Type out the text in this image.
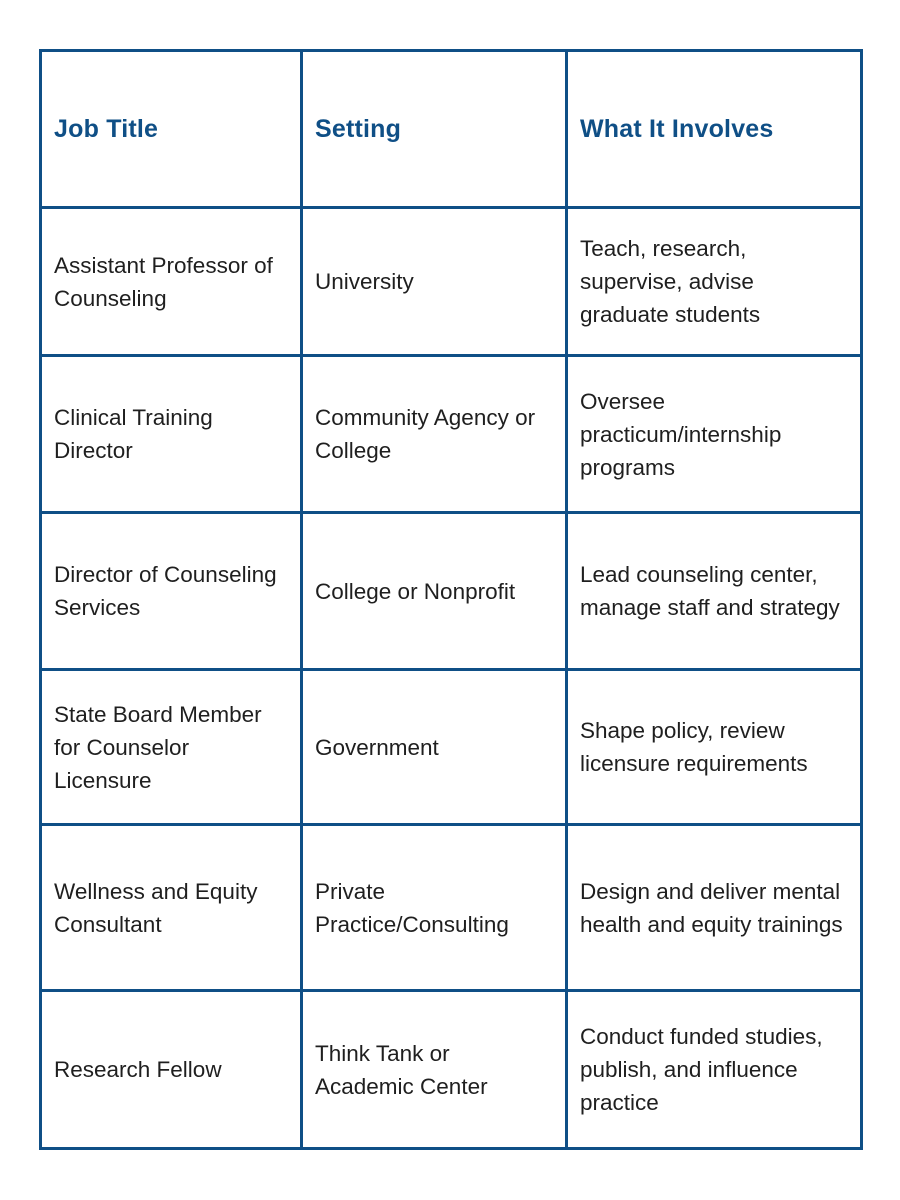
Job Title	Setting	What It Involves
Assistant Professor of Counseling	University	Teach, research, supervise, advise graduate students
Clinical Training Director	Community Agency or College	Oversee practicum/internship programs
Director of Counseling Services	College or Nonprofit	Lead counseling center, manage staff and strategy
State Board Member for Counselor Licensure	Government	Shape policy, review licensure requirements
Wellness and Equity Consultant	Private Practice/Consulting	Design and deliver mental health and equity trainings
Research Fellow	Think Tank or Academic Center	Conduct funded studies, publish, and influence practice
